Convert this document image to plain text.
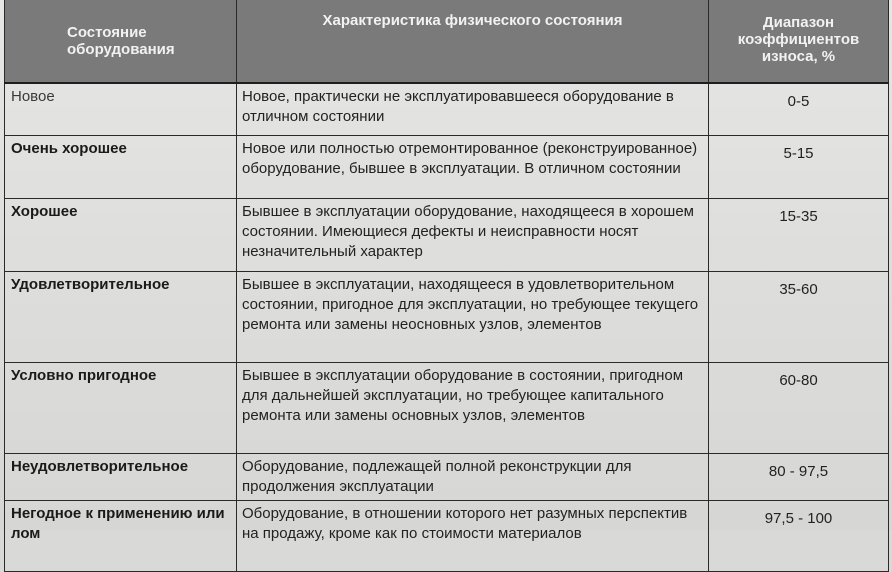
Состояние оборудования	Характеристика физического состояния	Диапазон коэффициентов износа, %
Новое	Новое, практически не эксплуатировавшееся оборудование в отличном состоянии	0-5
Очень хорошее	Новое или полностью отремонтированное (реконструированное) оборудование, бывшее в эксплуатации. В отличном состоянии	5-15
Хорошее	Бывшее в эксплуатации оборудование, находящееся в хорошем состоянии. Имеющиеся дефекты и неисправности носят незначительный характер	15-35
Удовлетворительное	Бывшее в эксплуатации, находящееся в удовлетворительном состоянии, пригодное для эксплуатации, но требующее текущего ремонта или замены неосновных узлов, элементов	35-60
Условно пригодное	Бывшее в эксплуатации оборудование в состоянии, пригодном для дальнейшей эксплуатации, но требующее капитального ремонта или замены основных узлов, элементов	60-80
Неудовлетворительное	Оборудование, подлежащей полной реконструкции для продолжения эксплуатации	80 - 97,5
Негодное к применению или лом	Оборудование, в отношении которого нет разумных перспектив на продажу, кроме как по стоимости материалов	97,5 - 100
